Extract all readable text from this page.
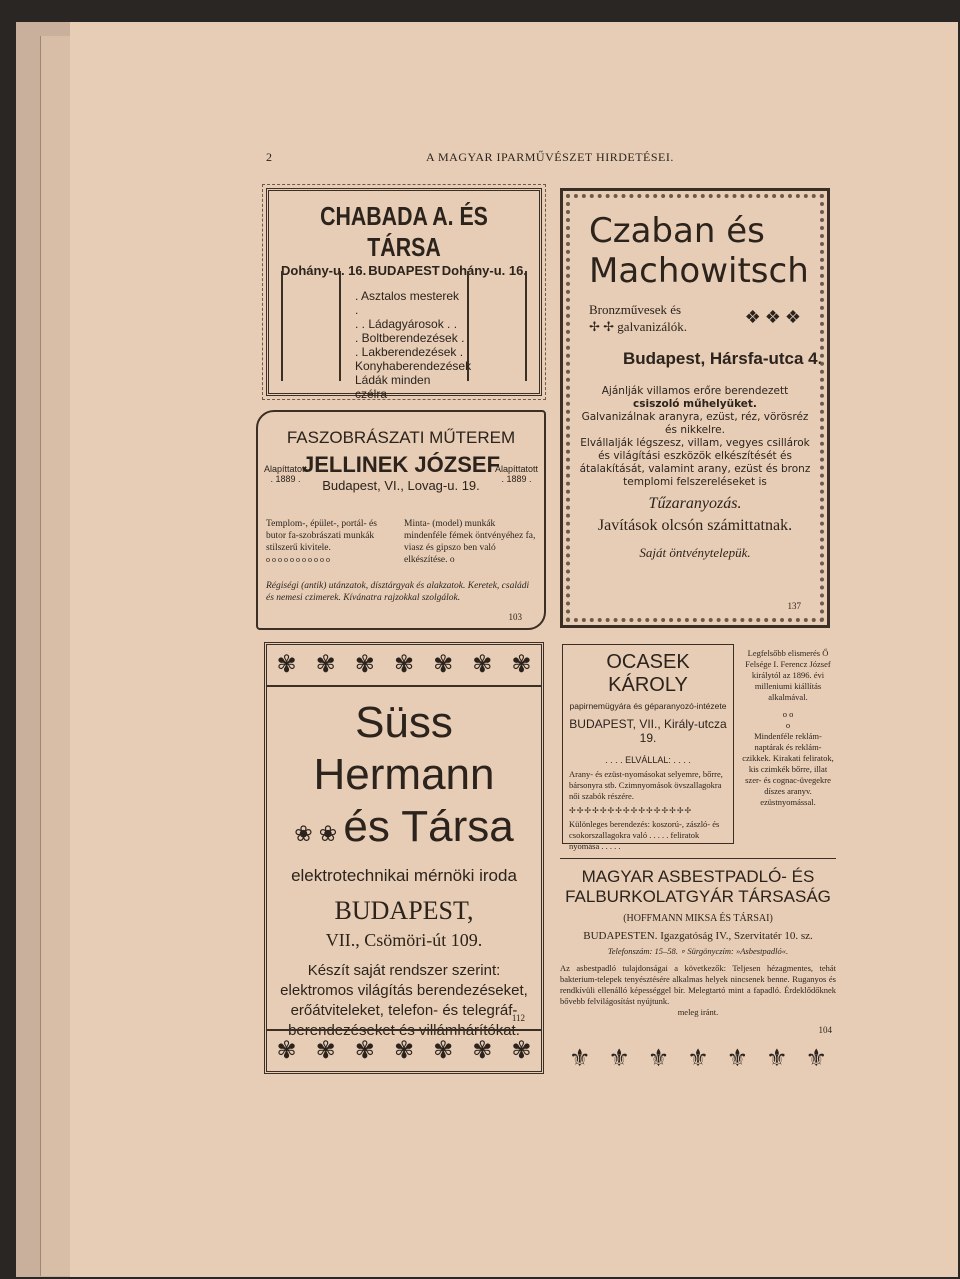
2	A MAGYAR IPARMŰVÉSZET HIRDETÉSEI.
CHABADA A. ÉS TÁRSA
Dohány-u. 16. BUDAPEST Dohány-u. 16.
. Asztalos mesterek .
. . Ládagyárosok . .
. Boltberendezések .
. Lakberendezések .
Konyhaberendezések
Ládák minden czélra
FASZOBRÁSZATI MŰTEREM
Alapíttatott
. 1889 .
Alapíttatott
. 1889 .
JELLINEK JÓZSEF
Budapest, VI., Lovag-u. 19.
Templom-, épület-, portál- és butor fa-szobrászati munkák stilszerű kivitele.
o o o o o o o o o o o
Minta- (model) munkák mindenféle fémek öntvényéhez fa, viasz és gipszo ben való elkészítése. o
Régiségi (antik) utánzatok, dísztárgyak és alakzatok. Keretek, családi és nemesi czimerek. Kívánatra rajzokkal szolgálok.
103
Czaban és
Machowitsch
Bronzművesek és
✢ ✢ galvanizálók.	❖❖❖
Budapest, Hársfa-utca 4.
Ajánlják villamos erőre berendezett
csiszoló műhelyüket.
Galvanizálnak aranyra, ezüst, réz, vörösréz és nikkelre.
Elvállalják légszesz, villam, vegyes csillárok és világítási eszközök elkészítését és átalakítását, valamint arany, ezüst és bronz templomi felszereléseket is
Tűzaranyozás.
Javítások olcsón számittatnak.
Saját öntvénytelepük.
137
✾ ✾ ✾ ✾ ✾ ✾ ✾
Süss Hermann
❀ ❀ és Társa
elektrotechnikai mérnöki iroda
BUDAPEST,
VII., Csömöri-út 109.
Készít saját rendszer szerint: elektromos világítás berendezéseket, erőátviteleket, telefon- és telegráf-berendezéseket és villámhárítókat.
112
✾ ✾ ✾ ✾ ✾ ✾ ✾
OCASEK KÁROLY
papirnemügyára és géparanyozó-intézete
BUDAPEST, VII., Király-utcza 19.
. . . . ELVÁLLAL: . . . .
Arany- és ezüst-nyomásokat selyemre, bőrre, bársonyra stb. Czimnyomások övszallagokra női szabók részére.
✢✢✢✢✢✢✢✢✢✢✢✢✢✢✢✢
Különleges berendezés: koszorú-, zászló- és csokorszallagokra való . . . . . feliratok nyomása . . . . .
Legfelsőbb elismerés Ő Felsége I. Ferencz József királytól az 1896. évi milleniumi kiállítás alkalmával.
o o
o
Mindenféle reklám-naptárak és reklám-czikkek. Kirakati feliratok, kis czimkék bőrre, illat szer- és cognac-üvegekre díszes aranyv. ezüstnyomással.
MAGYAR ASBESTPADLÓ- ÉS
FALBURKOLATGYÁR TÁRSASÁG
(HOFFMANN MIKSA ÉS TÁRSAI)
BUDAPESTEN. Igazgatóság IV., Szervitatér 10. sz.
Telefonszám: 15–58. ∘ Sürgönyczím: »Asbestpadló«.
Az asbestpadló tulajdonságai a következők: Teljesen hézagmentes, tehát bakterium-telepek tenyésztésére alkalmas helyek nincsenek benne. Ruganyos és rendkívüli ellenálló képességgel bír. Melegtartó mint a fapadló. Érdeklődőknek bővebb felvilágosítást nyújtunk.
meleg iránt.
104
⚜ ⚜ ⚜ ⚜ ⚜ ⚜ ⚜
